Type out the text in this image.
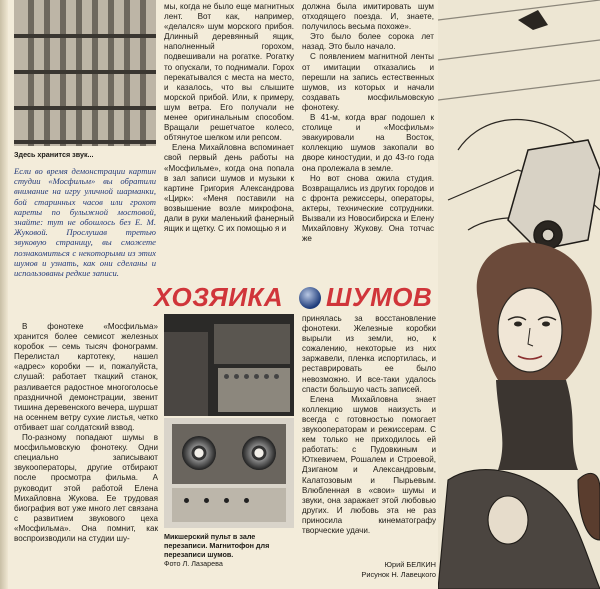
Здесь хранится звук...
Если во время демонстрации картин студии «Мосфильм» вы обратили внимание на игру уличной шарманки, бой старинных часов или грохот кареты по булыжной мостовой, знайте: тут не обошлось без Е. М. Жуковой. Прослушав третью звуковую страницу, вы сможете познакомиться с некоторыми из этих шумов и узнать, как они сделаны и использованы редкие записи.
мы, когда не было еще магнитных лент. Вот как, например, «делался» шум морского прибоя. Длинный деревянный ящик, наполненный горохом, подвешивали на рогатке. Рогатку то опускали, то поднимали. Горох перекатывался с места на место, и казалось, что вы слышите морской прибой. Или, к примеру, шум ветра. Его получали не менее оригинальным способом. Вращали решетчатое колесо, обтянутое шелком или репсом.
Елена Михайловна вспоминает свой первый день работы на «Мосфильме», когда она попала в зал записи шумов и музыки к картине Григория Александрова «Цирк»: «Меня поставили на возвышение возле микрофона, дали в руки маленький фанерный ящик и щетку. С их помощью я и
должна была имитировать шум отходящего поезда. И, знаете, получилось весьма похоже».
Это было более сорока лет назад. Это было начало.
С появлением магнитной ленты от имитации отказались и перешли на запись естественных шумов, из которых и начали создавать мосфильмовскую фонотеку.
В 41-м, когда враг подошел к столице и «Мосфильм» эвакуировали на Восток, коллекцию шумов закопали во дворе киностудии, и до 43-го года она пролежала в земле.
Но вот снова ожила студия. Возвращались из других городов и с фронта режиссеры, операторы, актеры, технические сотрудники. Вызвали из Новосибирска и Елену Михайловну Жукову. Она тотчас же
ХОЗЯИКА ШУМОВ
В фонотеке «Мосфильма» хранится более семисот железных коробок — семь тысяч фонограмм. Перелистал картотеку, нашел «адрес» коробки — и, пожалуйста, слушай: работает ткацкий станок, разливается радостное многоголосье праздничной демонстрации, звенит тишина деревенского вечера, шуршат на осеннем ветру сухие листья, четко отбивает шаг солдатский взвод.
По-разному попадают шумы в мосфильмовскую фонотеку. Одни специально записывают звукооператоры, другие отбирают после просмотра фильма. А руководит этой работой Елена Михайловна Жукова. Ее трудовая биография вот уже много лет связана с развитием звукового цеха «Мосфильма». Она помнит, как воспроизводили на студии шу-	Микшерский пульт в зале перезаписи. Магнитофон для перезаписи шумов.
Фото Л. Лазарева
принялась за восстановление фонотеки. Железные коробки вырыли из земли, но, к сожалению, некоторые из них заржавели, пленка испортилась, и реставрировать ее было невозможно. И все-таки удалось спасти большую часть записей.
Елена Михайловна знает коллекцию шумов наизусть и всегда с готовностью помогает звукооператорам и режиссерам. С кем только не приходилось ей работать: с Пудовкиным и Юткевичем, Рошалем и Строевой, Дзиганом и Александровым, Калатозовым и Пырьевым. Влюбленная в «свои» шумы и звуки, она заражает этой любовью других. И любовь эта не раз приносила кинематографу творческие удачи.
Юрий БЕЛКИН
Рисунок Н. Лавецкого
